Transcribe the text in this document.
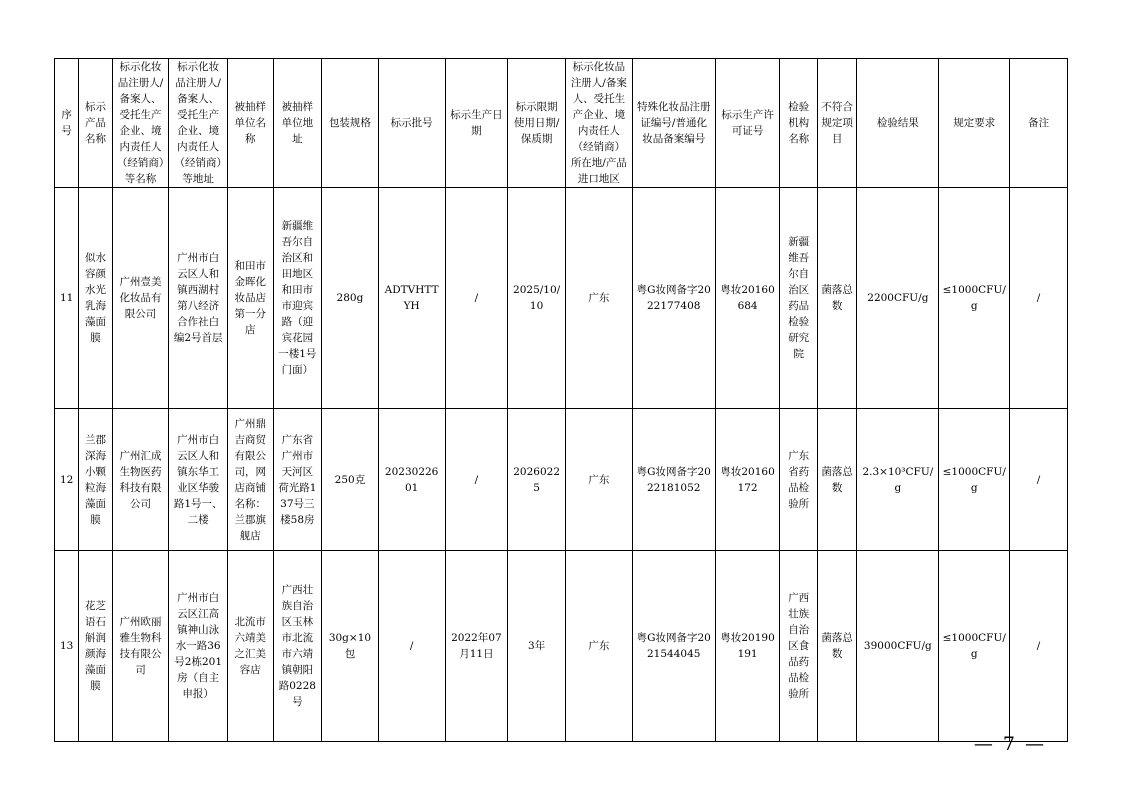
序号	标示产品名称	标示化妆品注册人/备案人、受托生产企业、境内责任人（经销商）等名称	标示化妆品注册人/备案人、受托生产企业、境内责任人（经销商）等地址	被抽样单位名称	被抽样单位地址	包装规格	标示批号	标示生产日期	标示限期使用日期/保质期	标示化妆品注册人/备案人、受托生产企业、境内责任人（经销商）所在地/产品进口地区	特殊化妆品注册证编号/普通化妆品备案编号	标示生产许可证号	检验机构名称	不符合规定项目	检验结果	规定要求	备注
11	似水容颜水光乳海藻面膜	广州壹美化妆品有限公司	广州市白云区人和镇西湖村第八经济合作社白编2号首层	和田市金晖化妆品店第一分店	新疆维吾尔自治区和田地区和田市市迎宾路（迎宾花园一楼1号门面）	280g	ADTVHTTYH	/	2025/10/10	广东	粤G妆网备字2022177408	粤妆20160684	新疆维吾尔自治区药品检验研究院	菌落总数	2200CFU/g	≤1000CFU/g	/
12	兰郡深海小颗粒海藻面膜	广州汇成生物医药科技有限公司	广州市白云区人和镇东华工业区华骏路1号一、二楼	广州鼎吉商贸有限公司，网店商铺名称：兰郡旗舰店	广东省广州市天河区荷光路137号三楼58房	250克	2023022601	/	20260225	广东	粤G妆网备字2022181052	粤妆20160172	广东省药品检验所	菌落总数	2.3×10³CFU/g	≤1000CFU/g	/
13	花芝语石斛润颜海藻面膜	广州欧丽雅生物科技有限公司	广州市白云区江高镇神山泳水一路36号2栋201房（自主申报）	北流市六靖美之汇美容店	广西壮族自治区玉林市北流市六靖镇朝阳路0228号	30g×10包	/	2022年07月11日	3年	广东	粤G妆网备字2021544045	粤妆20190191	广西壮族自治区食品药品检验所	菌落总数	39000CFU/g	≤1000CFU/g	/
— 7 —
